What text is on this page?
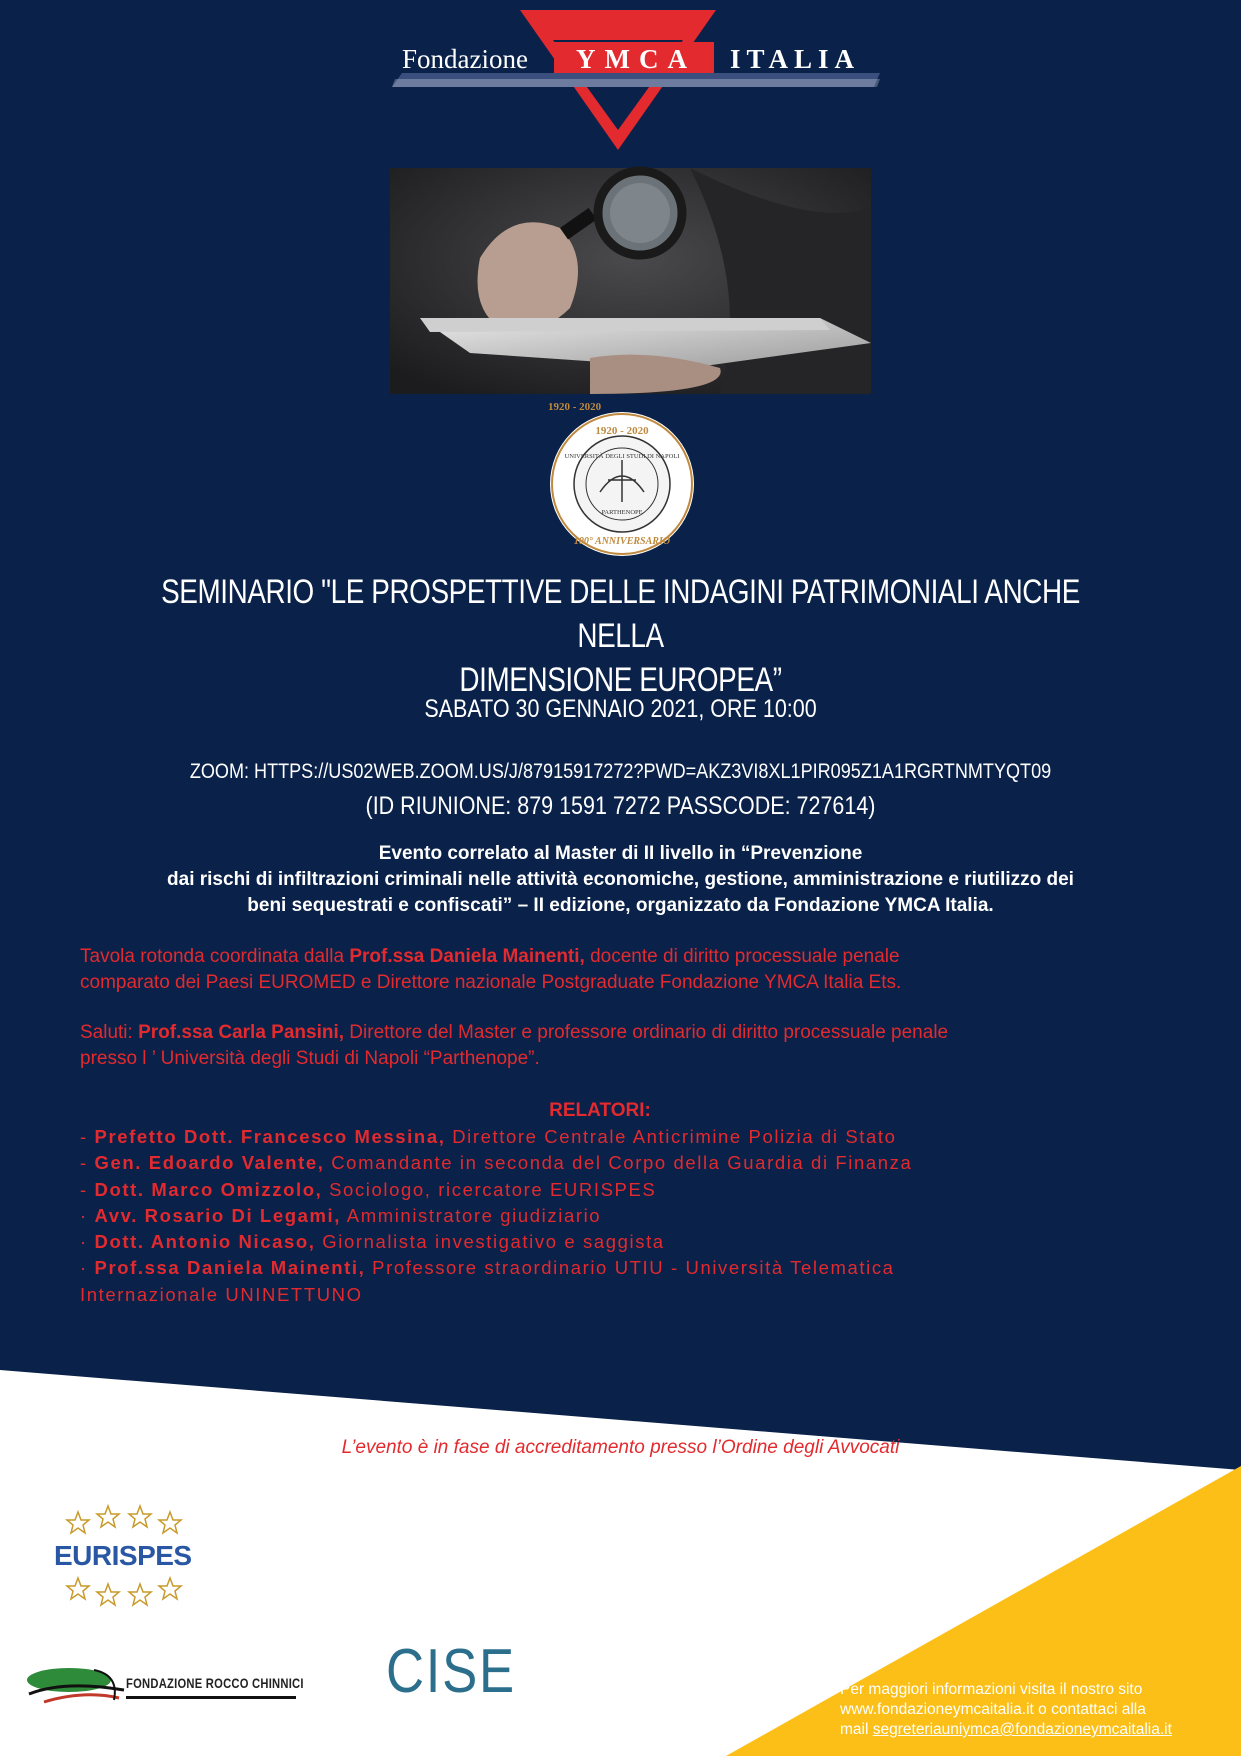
Fondazione YMCA ITALIA
1920 - 2020
1920 - 2020
UNIVERSITÀ DEGLI STUDI DI NAPOLI
PARTHENOPE
100° ANNIVERSARIO
SEMINARIO "LE PROSPETTIVE DELLE INDAGINI PATRIMONIALI ANCHE NELLA
DIMENSIONE EUROPEA”
SABATO 30 GENNAIO 2021, ORE 10:00
ZOOM: HTTPS://US02WEB.ZOOM.US/J/87915917272?PWD=AKZ3VI8XL1PIR095Z1A1RGRTNMTYQT09
(ID RIUNIONE: 879 1591 7272 PASSCODE: 727614)
Evento correlato al Master di II livello in “Prevenzione
dai rischi di infiltrazioni criminali nelle attività economiche, gestione, amministrazione e riutilizzo dei
beni sequestrati e confiscati” – II edizione, organizzato da Fondazione YMCA Italia.
Tavola rotonda coordinata dalla Prof.ssa Daniela Mainenti, docente di diritto processuale penale
comparato dei Paesi EUROMED e Direttore nazionale Postgraduate Fondazione YMCA Italia Ets.
Saluti: Prof.ssa Carla Pansini, Direttore del Master e professore ordinario di diritto processuale penale
presso l ’ Università degli Studi di Napoli “Parthenope”.
RELATORI:
- Prefetto Dott. Francesco Messina, Direttore Centrale Anticrimine Polizia di Stato
- Gen. Edoardo Valente, Comandante in seconda del Corpo della Guardia di Finanza
- Dott. Marco Omizzolo, Sociologo, ricercatore EURISPES
· Avv. Rosario Di Legami, Amministratore giudiziario
· Dott. Antonio Nicaso, Giornalista investigativo e saggista
· Prof.ssa Daniela Mainenti, Professore straordinario UTIU - Università Telematica
Internazionale UNINETTUNO
L’evento è in fase di accreditamento presso l’Ordine degli Avvocati
EURISPES
FONDAZIONE ROCCO CHINNICI CISE	Per maggiori informazioni visita il nostro sito
www.fondazioneymcaitalia.it o contattaci alla
mail segreteriauniymca@fondazioneymcaitalia.it
